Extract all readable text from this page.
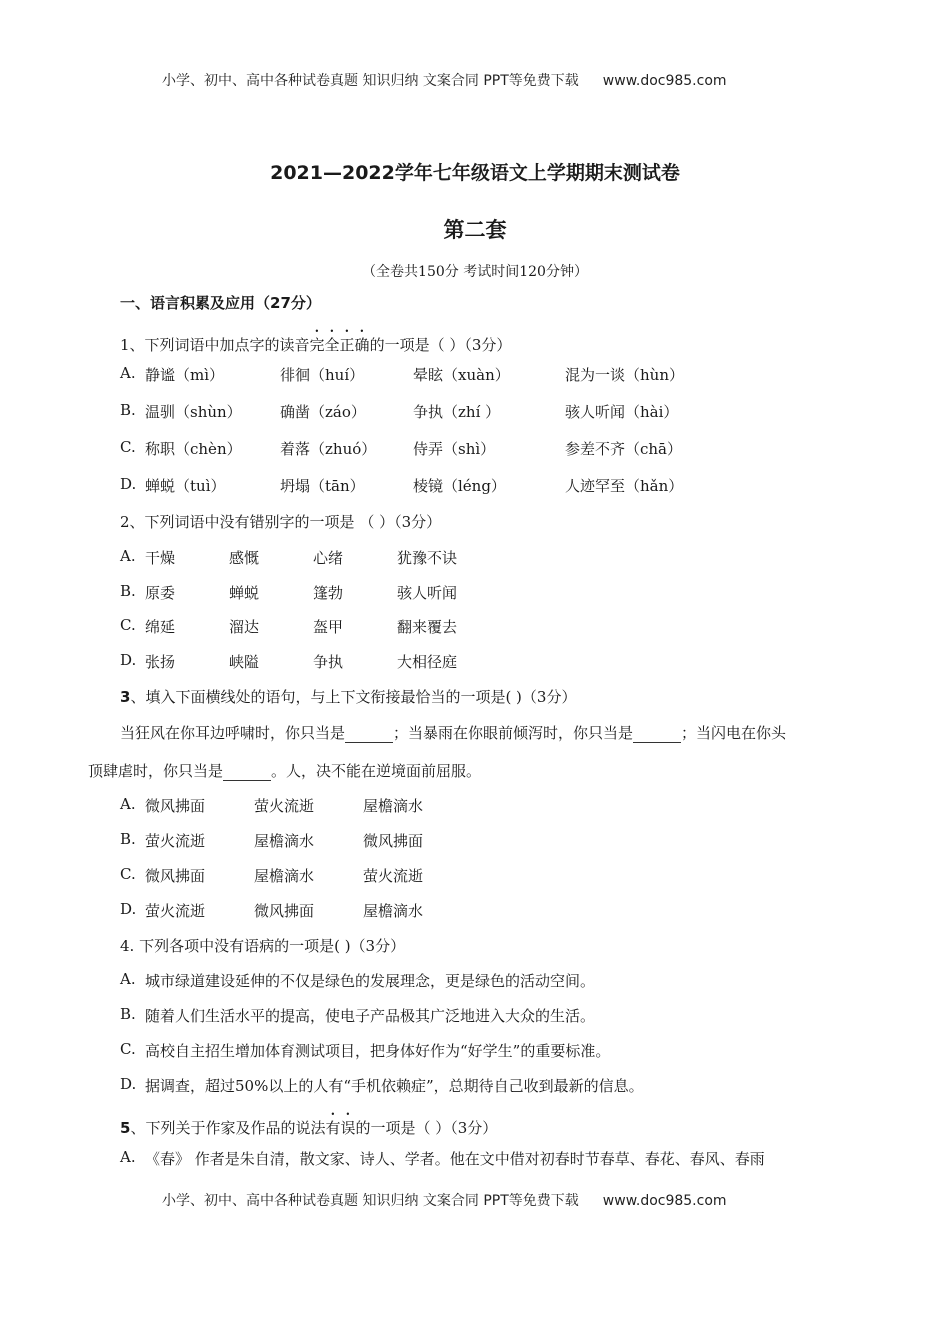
小学、初中、高中各种试卷真题 知识归纳 文案合同 PPT等免费下载 www.doc985.com
2021—2022学年七年级语文上学期期末测试卷
第二套
（全卷共150分 考试时间120分钟）
一、语言积累及应用（27分）
1、下列词语中加点字的读音完全正确的一项是（ ）（3分）
A. 静谧（mì）	徘徊（huí）	晕眩（xuàn）	混为一谈（hùn）
B. 温驯（shùn）	确凿（záo）	争执（zhí ）	骇人听闻（hài）
C. 称职（chèn）	着落（zhuó） 侍弄（shì）	参差不齐（chā）
D. 蝉蜕（tuì）	坍塌（tān）	棱镜（léng）	人迹罕至（hǎn）
2、下列词语中没有错别字的一项是 （ ）（3分）
A. 干燥	感慨	心绪	犹豫不诀
B. 原委	蝉蜕	篷勃	骇人听闻
C. 绵延	溜达	盔甲	翻来覆去
D. 张扬	峡隘	争执	大相径庭
3、填入下面横线处的语句，与上下文衔接最恰当的一项是( )（3分）
当狂风在你耳边呼啸时，你只当是	；当暴雨在你眼前倾泻时，你只当是	；当闪电在你头
顶肆虐时，你只当是	。人，决不能在逆境面前屈服。
A. 微风拂面	萤火流逝	屋檐滴水
B. 萤火流逝	屋檐滴水	微风拂面
C. 微风拂面	屋檐滴水	萤火流逝
D. 萤火流逝	微风拂面	屋檐滴水
4. 下列各项中没有语病的一项是( )（3分）
A. 城市绿道建设延伸的不仅是绿色的发展理念，更是绿色的活动空间。
B. 随着人们生活水平的提高，使电子产品极其广泛地进入大众的生活。
C. 高校自主招生增加体育测试项目，把身体好作为“好学生”的重要标准。
D. 据调查，超过50%以上的人有“手机依赖症”，总期待自己收到最新的信息。
5、下列关于作家及作品的说法有误的一项是（ ）（3分）
A. 《春》 作者是朱自清，散文家、诗人、学者。他在文中借对初春时节春草、春花、春风、春雨
小学、初中、高中各种试卷真题 知识归纳 文案合同 PPT等免费下载 www.doc985.com
